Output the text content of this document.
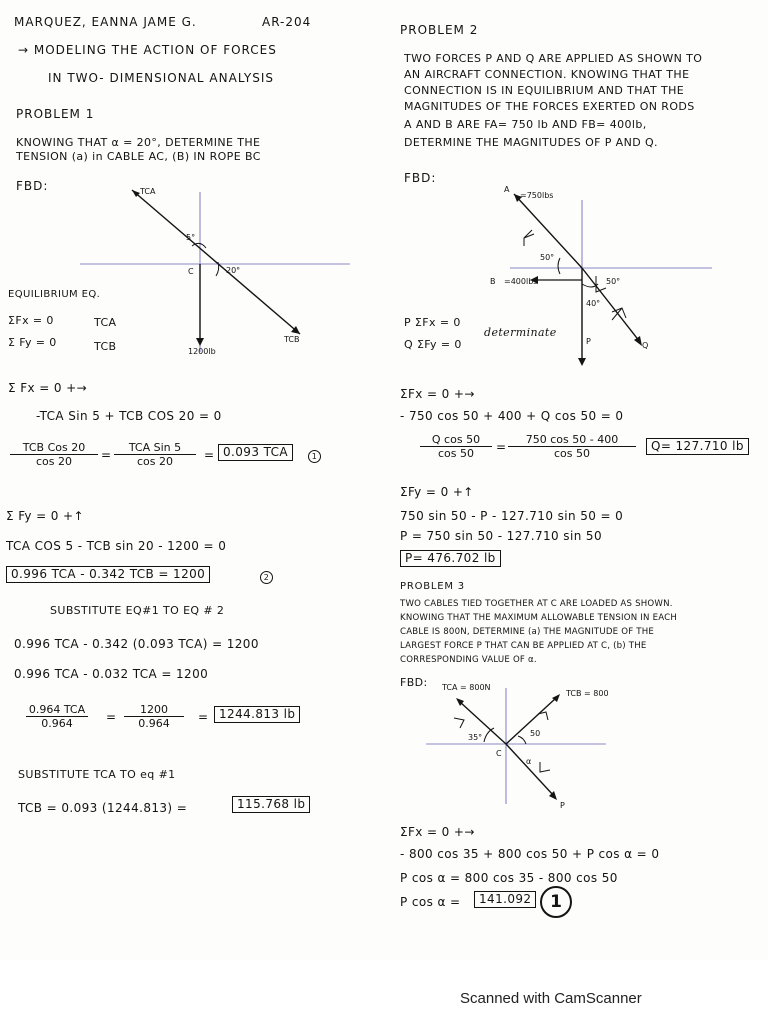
MARQUEZ, EANNA JAME G.	AR-204
→ MODELING THE ACTION OF FORCES
IN TWO- DIMENSIONAL ANALYSIS
PROBLEM 1
KNOWING THAT α = 20°, DETERMINE THE
TENSION (a) in CABLE AC, (B) IN ROPE BC
FBD:	TCA
5°
C	20°
TCB
1200lb
EQUILIBRIUM EQ.
ΣFx = 0	TCA
Σ Fy = 0	TCB
Σ Fx = 0 +→
-TCA Sin 5 + TCB COS 20 = 0
TCB Cos 20
cos 20	=
TCA Sin 5
cos 20	= 0.093 TCA	1
Σ Fy = 0 +↑
TCA COS 5 - TCB sin 20 - 1200 = 0
0.996 TCA - 0.342 TCB = 1200	2
SUBSTITUTE EQ#1 TO EQ # 2
0.996 TCA - 0.342 (0.093 TCA) = 1200
0.996 TCA - 0.032 TCA = 1200
0.964 TCA
0.964	= $\frac{1200}{0.964} = 1244.813$ lb
SUBSTITUTE TCA TO eq #1
TCB = 0.093 (1244.813) =	115.768 lb
PROBLEM 2
TWO FORCES P AND Q ARE APPLIED AS SHOWN TO
AN AIRCRAFT CONNECTION. KNOWING THAT THE
CONNECTION IS IN EQUILIBRIUM AND THAT THE
MAGNITUDES OF THE FORCES EXERTED ON RODS
A AND B ARE FA= 750 lb AND FB= 400lb,
DETERMINE THE MAGNITUDES OF P AND Q.
FBD:
A
=750lbs
B =400lbs
50°
50°
40°
P	Q
P ΣFx = 0
Q ΣFy = 0
determinate
ΣFx = 0 +→
- 750 cos 50 + 400 + Q cos 50 = 0
$\frac{\text{Q cos 50}}{\cos 50} = \frac{750 \cos 50 - 400}{\cos 50}$	Q= 127.710 lb
ΣFy = 0 +↑
750 sin 50 - P - 127.710 sin 50 = 0
P = 750 sin 50 - 127.710 sin 50
P= 476.702 lb
PROBLEM 3
TWO CABLES TIED TOGETHER AT C ARE LOADED AS SHOWN.
KNOWING THAT THE MAXIMUM ALLOWABLE TENSION IN EACH
CABLE IS 800N, DETERMINE (a) THE MAGNITUDE OF THE
LARGEST FORCE P THAT CAN BE APPLIED AT C, (b) THE
CORRESPONDING VALUE OF α.
FBD: TCA = 800N
TCB = 800
35°	50
C
α
P
ΣFx = 0 +→
- 800 cos 35 + 800 cos 50 + P cos α = 0
P cos α = 800 cos 35 - 800 cos 50
P cos α =	141.092	1
Scanned with CamScanner
